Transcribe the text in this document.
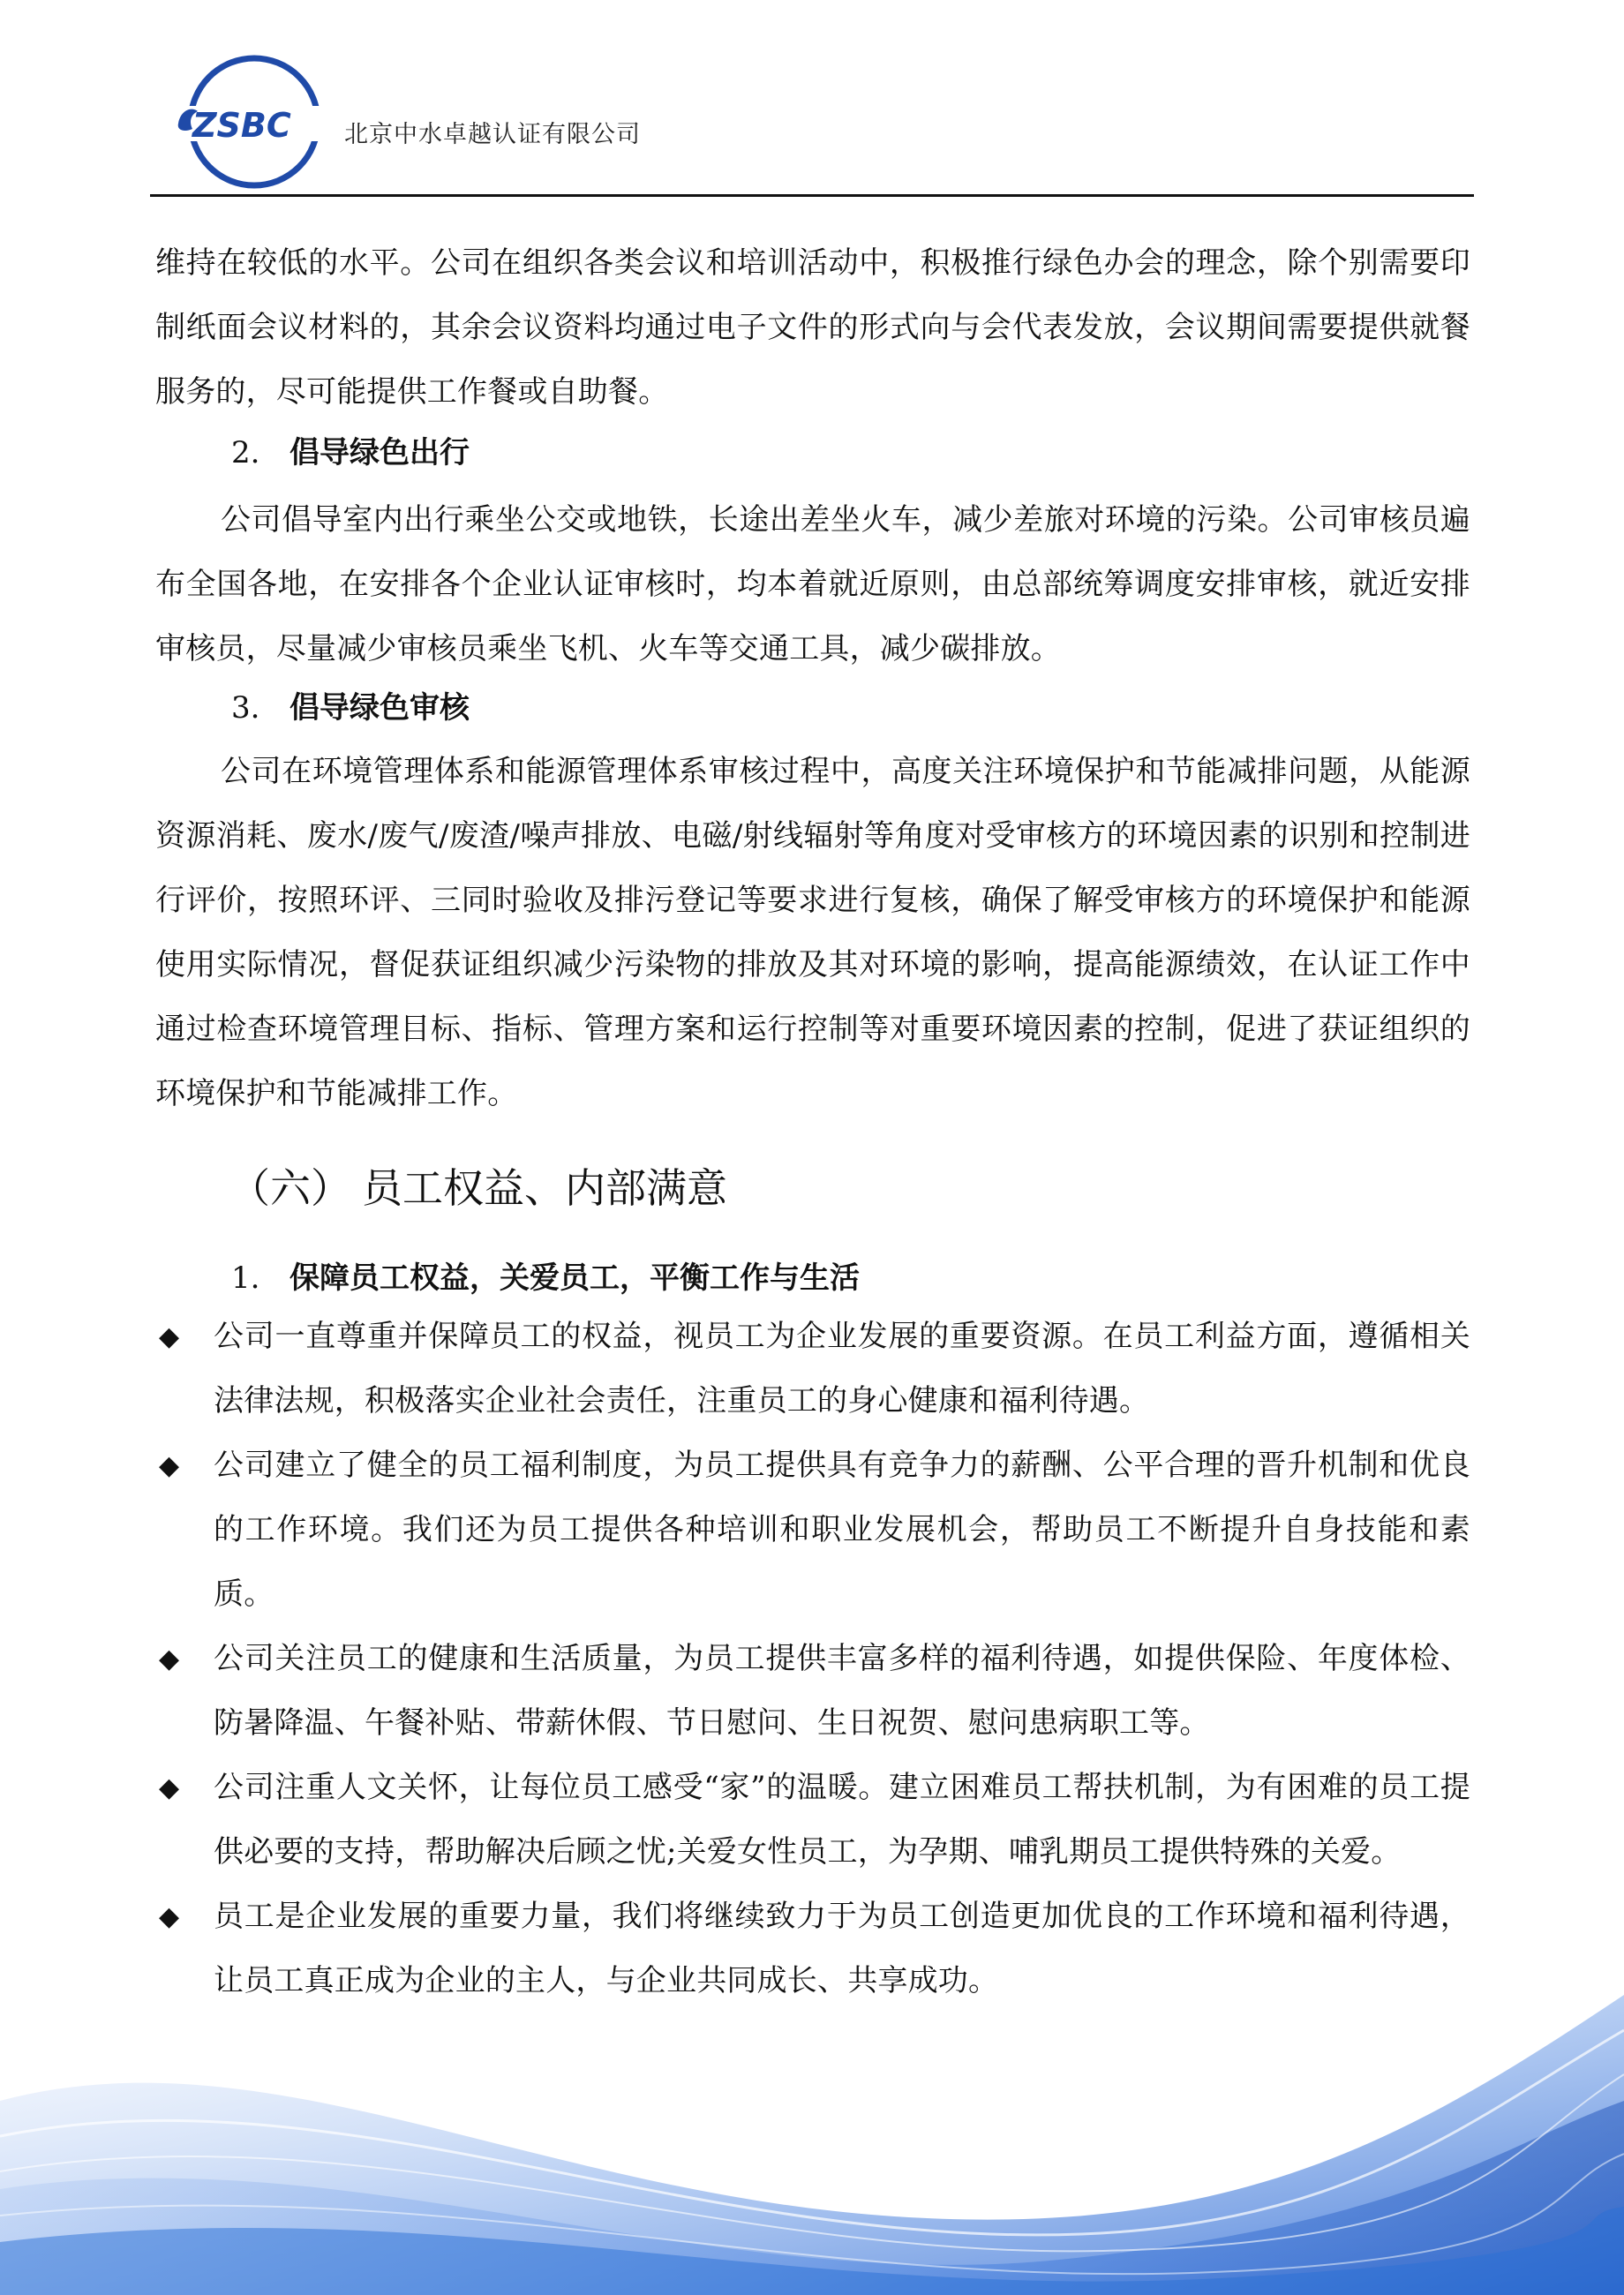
ZSBC 北京中水卓越认证有限公司

维持在较低的水平。公司在组织各类会议和培训活动中，积极推行绿色办会的理念，除个别需要印制纸面会议材料的，其余会议资料均通过电子文件的形式向与会代表发放，会议期间需要提供就餐服务的，尽可能提供工作餐或自助餐。

2. 倡导绿色出行

公司倡导室内出行乘坐公交或地铁，长途出差坐火车，减少差旅对环境的污染。公司审核员遍布全国各地，在安排各个企业认证审核时，均本着就近原则，由总部统筹调度安排审核，就近安排审核员，尽量减少审核员乘坐飞机、火车等交通工具，减少碳排放。

3. 倡导绿色审核

公司在环境管理体系和能源管理体系审核过程中，高度关注环境保护和节能减排问题，从能源资源消耗、废水/废气/废渣/噪声排放、电磁/射线辐射等角度对受审核方的环境因素的识别和控制进行评价，按照环评、三同时验收及排污登记等要求进行复核，确保了解受审核方的环境保护和能源使用实际情况，督促获证组织减少污染物的排放及其对环境的影响，提高能源绩效，在认证工作中通过检查环境管理目标、指标、管理方案和运行控制等对重要环境因素的控制，促进了获证组织的环境保护和节能减排工作。

（六） 员工权益、内部满意

1. 保障员工权益，关爱员工，平衡工作与生活

◆ 公司一直尊重并保障员工的权益，视员工为企业发展的重要资源。在员工利益方面，遵循相关法律法规，积极落实企业社会责任，注重员工的身心健康和福利待遇。

◆ 公司建立了健全的员工福利制度，为员工提供具有竞争力的薪酬、公平合理的晋升机制和优良的工作环境。我们还为员工提供各种培训和职业发展机会，帮助员工不断提升自身技能和素质。

◆ 公司关注员工的健康和生活质量，为员工提供丰富多样的福利待遇，如提供保险、年度体检、防暑降温、午餐补贴、带薪休假、节日慰问、生日祝贺、慰问患病职工等。

◆ 公司注重人文关怀，让每位员工感受“家”的温暖。建立困难员工帮扶机制，为有困难的员工提供必要的支持，帮助解决后顾之忧;关爱女性员工，为孕期、哺乳期员工提供特殊的关爱。

◆ 员工是企业发展的重要力量，我们将继续致力于为员工创造更加优良的工作环境和福利待遇，让员工真正成为企业的主人，与企业共同成长、共享成功。
